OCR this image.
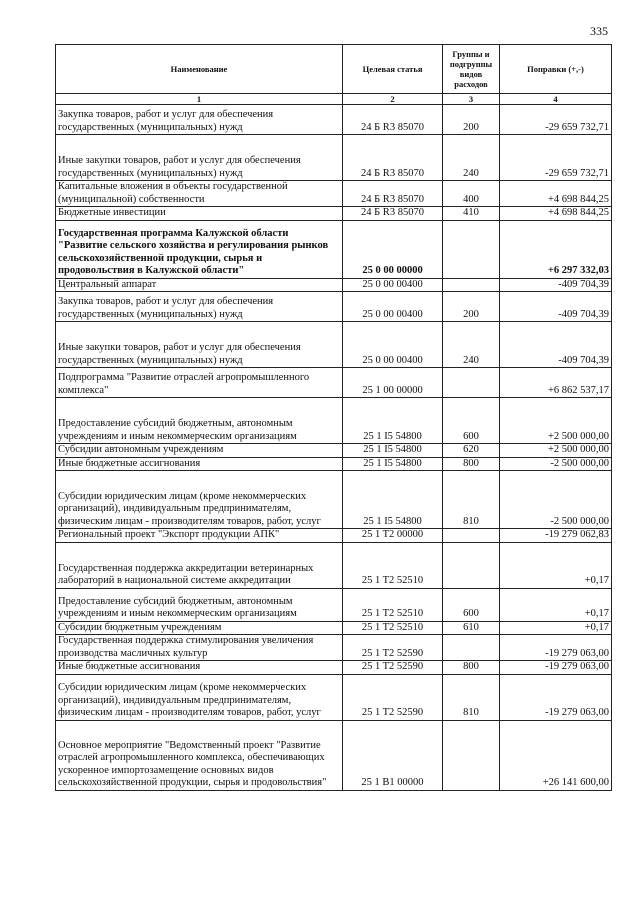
335
Наименование	Целевая статья	Группы и подгруппы видов расходов	Поправки (+,-)
1	2	3	4
Закупка товаров, работ и услуг для обеспечения государственных (муниципальных) нужд	24 Б R3 85070	200	-29 659 732,71
Иные закупки товаров, работ и услуг для обеспечения государственных (муниципальных) нужд	24 Б R3 85070	240	-29 659 732,71
Капитальные вложения в объекты государственной (муниципальной) собственности	24 Б R3 85070	400	+4 698 844,25
Бюджетные инвестиции	24 Б R3 85070	410	+4 698 844,25
Государственная программа Калужской области "Развитие сельского хозяйства и регулирования рынков сельскохозяйственной продукции, сырья и продовольствия в Калужской области"	25 0 00 00000		+6 297 332,03
Центральный аппарат	25 0 00 00400		-409 704,39
Закупка товаров, работ и услуг для обеспечения государственных (муниципальных) нужд	25 0 00 00400	200	-409 704,39
Иные закупки товаров, работ и услуг для обеспечения государственных (муниципальных) нужд	25 0 00 00400	240	-409 704,39
Подпрограмма "Развитие отраслей агропромышленного комплекса"	25 1 00 00000		+6 862 537,17
Предоставление субсидий бюджетным, автономным учреждениям и иным некоммерческим организациям	25 1 I5 54800	600	+2 500 000,00
Субсидии автономным учреждениям	25 1 I5 54800	620	+2 500 000,00
Иные бюджетные ассигнования	25 1 I5 54800	800	-2 500 000,00
Субсидии юридическим лицам (кроме некоммерческих организаций), индивидуальным предпринимателям, физическим лицам - производителям товаров, работ, услуг	25 1 I5 54800	810	-2 500 000,00
Региональный проект "Экспорт продукции АПК"	25 1 T2 00000		-19 279 062,83
Государственная поддержка аккредитации ветеринарных лабораторий в национальной системе аккредитации	25 1 T2 52510		+0,17
Предоставление субсидий бюджетным, автономным учреждениям и иным некоммерческим организациям	25 1 T2 52510	600	+0,17
Субсидии бюджетным учреждениям	25 1 T2 52510	610	+0,17
Государственная поддержка стимулирования увеличения производства масличных культур	25 1 T2 52590		-19 279 063,00
Иные бюджетные ассигнования	25 1 T2 52590	800	-19 279 063,00
Субсидии юридическим лицам (кроме некоммерческих организаций), индивидуальным предпринимателям, физическим лицам - производителям товаров, работ, услуг	25 1 T2 52590	810	-19 279 063,00
Основное мероприятие "Ведомственный проект "Развитие отраслей агропромышленного комплекса, обеспечивающих ускоренное импортозамещение основных видов сельскохозяйственной продукции, сырья и продовольствия"	25 1 B1 00000		+26 141 600,00
